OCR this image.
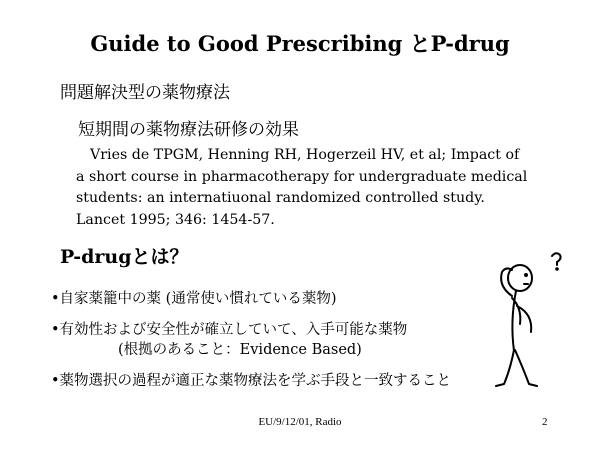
Guide to Good Prescribing とP-drug
問題解決型の薬物療法
短期間の薬物療法研修の効果
Vries de TPGM, Henning RH, Hogerzeil HV, et al; Impact of
a short course in pharmacotherapy for undergraduate medical
students: an internatiuonal randomized controlled study.
Lancet 1995; 346: 1454-57.
P-drugとは？
•自家薬籠中の薬 (通常使い慣れている薬物)
•有効性および安全性が確立していて、入手可能な薬物
(根拠のあること：Evidence Based)
•薬物選択の過程が適正な薬物療法を学ぶ手段と一致すること
EU/9/12/01, Radio	2
